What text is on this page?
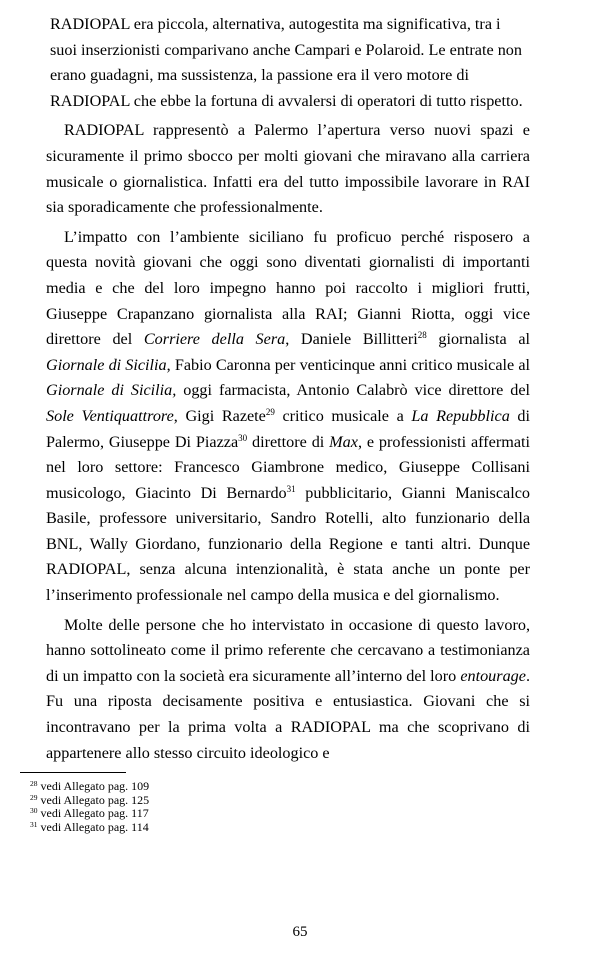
RADIOPAL era piccola, alternativa, autogestita ma significativa, tra i suoi inserzionisti comparivano anche Campari e Polaroid. Le entrate non erano guadagni, ma sussistenza, la passione era il vero motore di RADIOPAL che ebbe la fortuna di avvalersi di operatori di tutto rispetto.

RADIOPAL rappresentò a Palermo l’apertura verso nuovi spazi e sicuramente il primo sbocco per molti giovani che miravano alla carriera musicale o giornalistica. Infatti era del tutto impossibile lavorare in RAI sia sporadicamente che professionalmente.

L’impatto con l’ambiente siciliano fu proficuo perché risposero a questa novità giovani che oggi sono diventati giornalisti di importanti media e che del loro impegno hanno poi raccolto i migliori frutti, Giuseppe Crapanzano giornalista alla RAI; Gianni Riotta, oggi vice direttore del Corriere della Sera, Daniele Billitteri$^{28}$ giornalista al Giornale di Sicilia, Fabio Caronna per venticinque anni critico musicale al Giornale di Sicilia, oggi farmacista, Antonio Calabrò vice direttore del Sole Ventiquattrore, Gigi Razete$^{29}$ critico musicale a La Repubblica di Palermo, Giuseppe Di Piazza$^{30}$ direttore di Max, e professionisti affermati nel loro settore: Francesco Giambrone medico, Giuseppe Collisani musicologo, Giacinto Di Bernardo$^{31}$ pubblicitario, Gianni Maniscalco Basile, professore universitario, Sandro Rotelli, alto funzionario della BNL, Wally Giordano, funzionario della Regione e tanti altri. Dunque RADIOPAL, senza alcuna intenzionalità, è stata anche un ponte per l’inserimento professionale nel campo della musica e del giornalismo.

Molte delle persone che ho intervistato in occasione di questo lavoro, hanno sottolineato come il primo referente che cercavano a testimonianza di un impatto con la società era sicuramente all’interno del loro entourage. Fu una riposta decisamente positiva e entusiastica. Giovani che si incontravano per la prima volta a RADIOPAL ma che scoprivano di appartenere allo stesso circuito ideologico e

$^{28}$ vedi Allegato pag. 109
$^{29}$ vedi Allegato pag. 125
$^{30}$ vedi Allegato pag. 117
$^{31}$ vedi Allegato pag. 114
65
